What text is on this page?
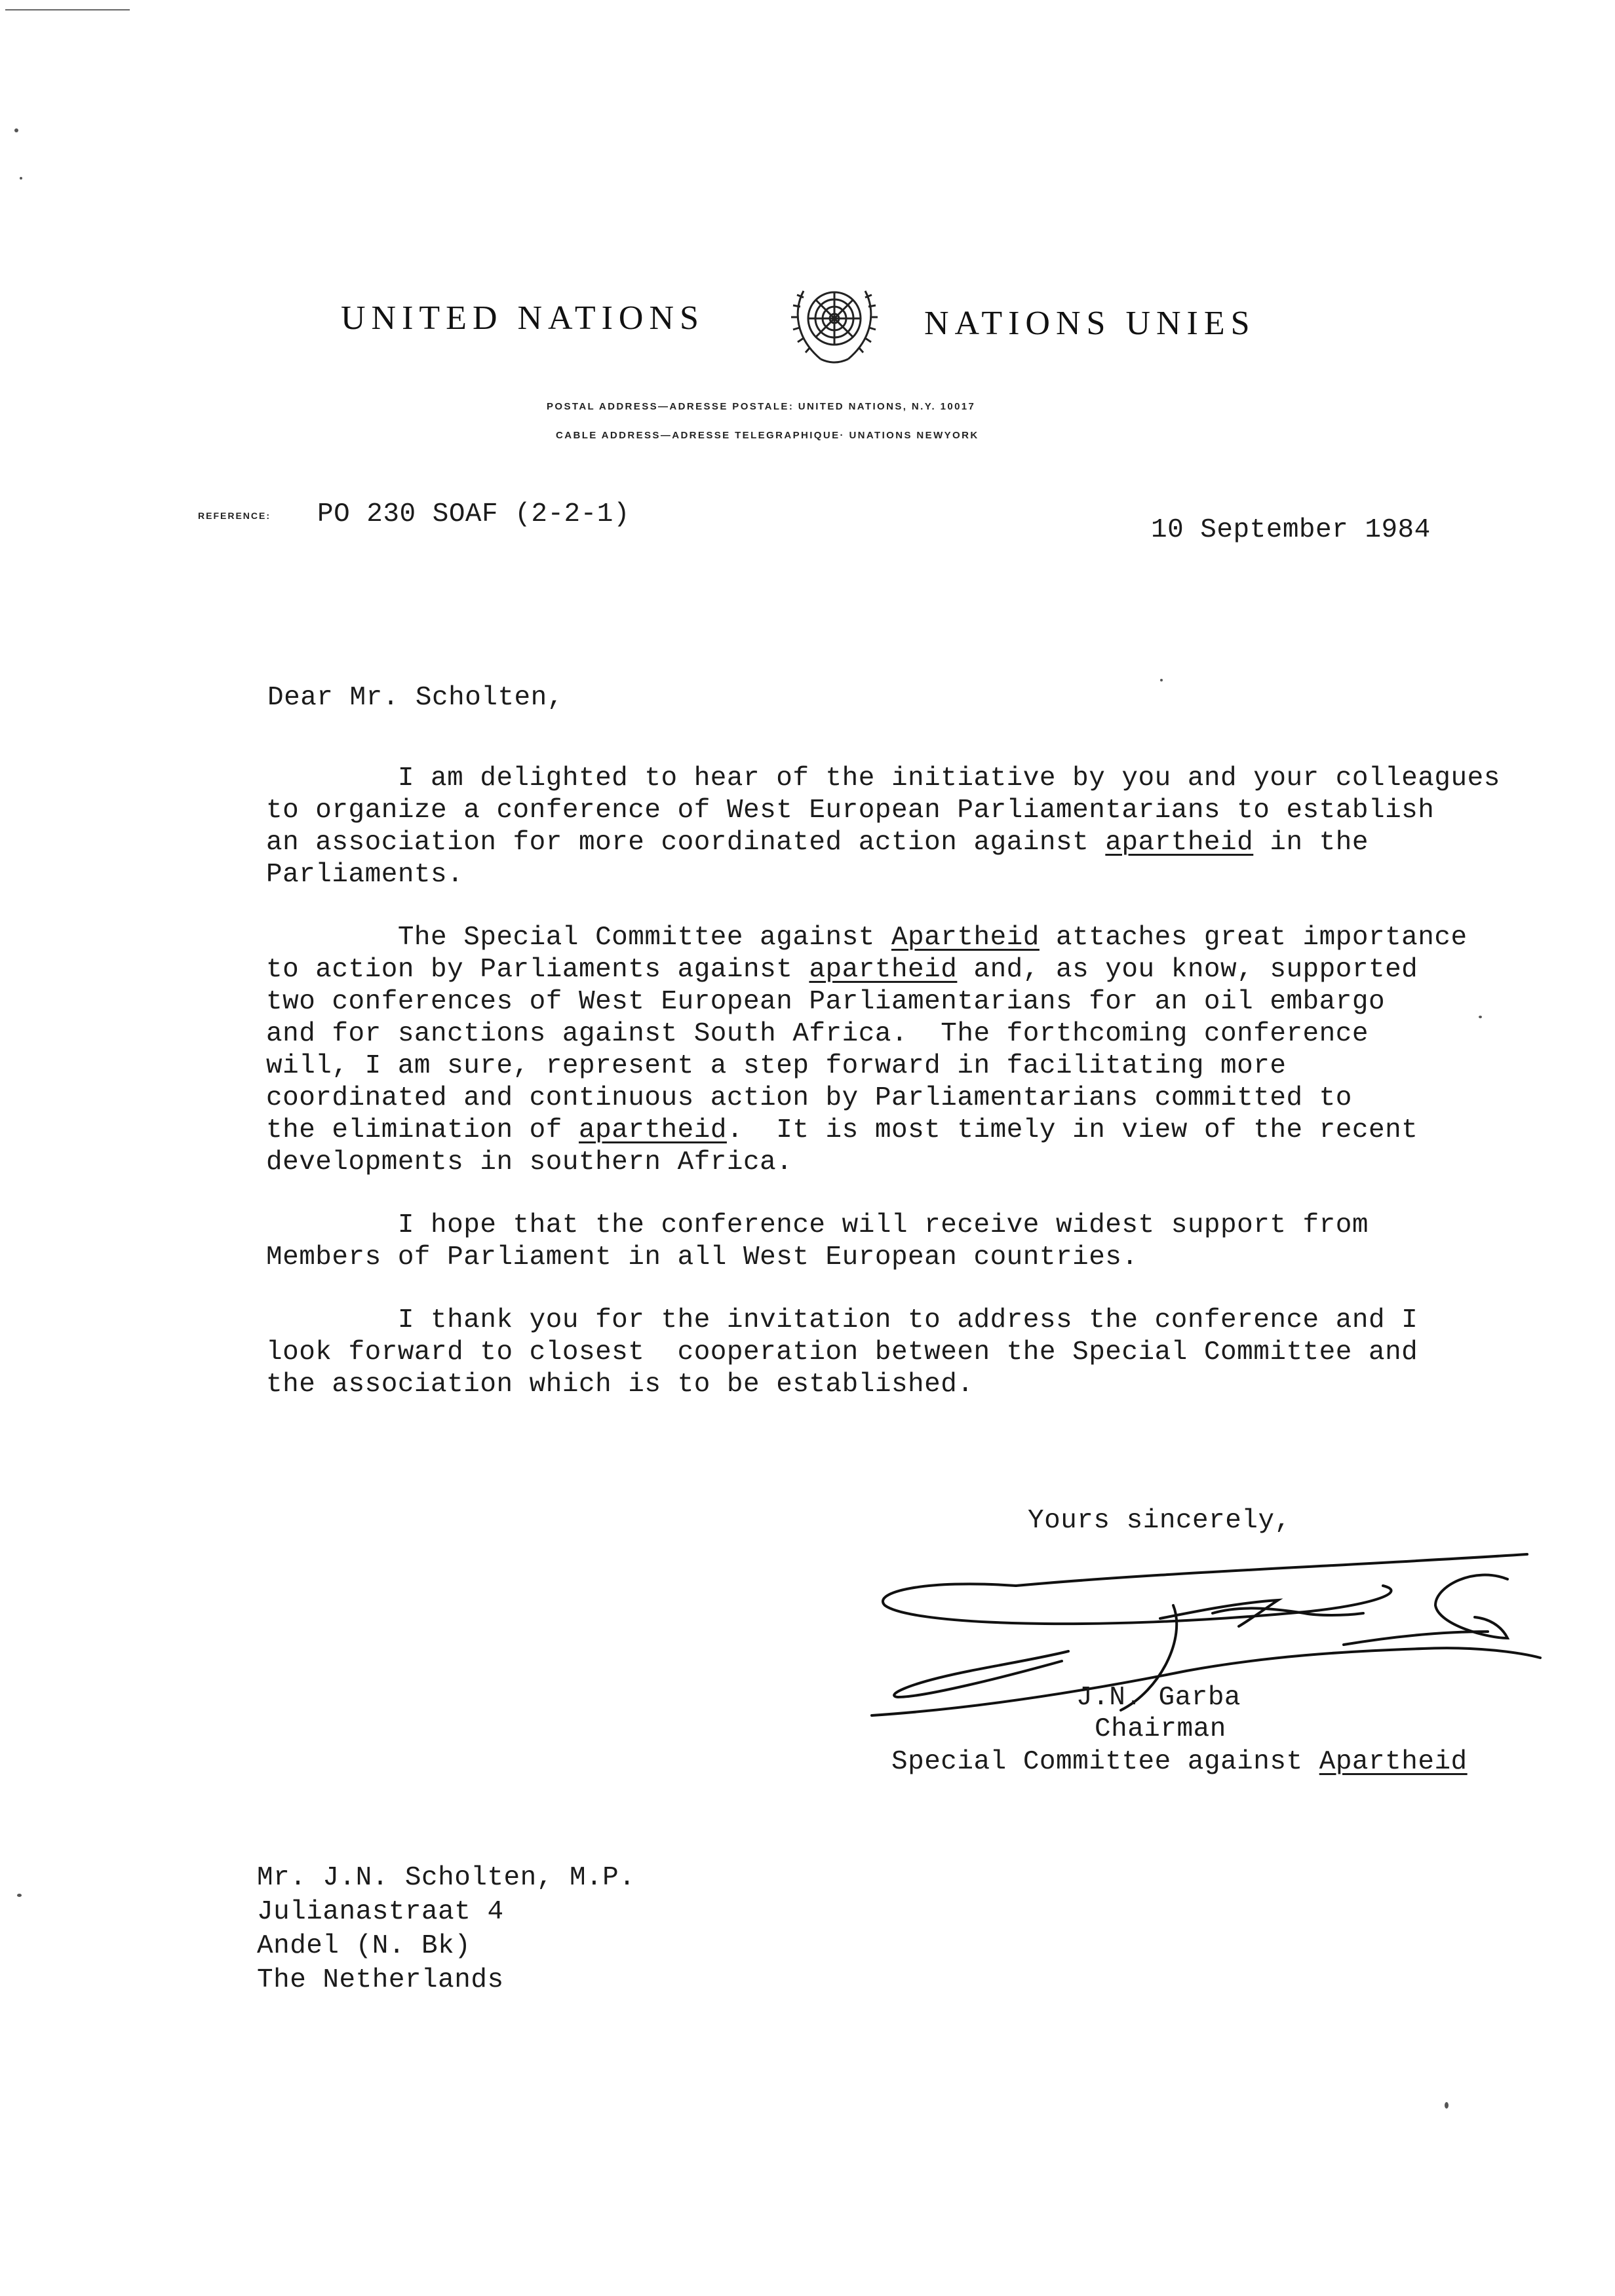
UNITED NATIONS	NATIONS UNIES
POSTAL ADDRESS—ADRESSE POSTALE: UNITED NATIONS, N.Y. 10017
CABLE ADDRESS—ADRESSE TELEGRAPHIQUE· UNATIONS NEWYORK
REFERENCE: PO 230 SOAF (2-2-1)
10 September 1984
Dear Mr. Scholten,

I am delighted to hear of the initiative by you and your colleagues
to organize a conference of West European Parliamentarians to establish
an association for more coordinated action against apartheid in the
Parliaments.

The Special Committee against Apartheid attaches great importance
to action by Parliaments against apartheid and, as you know, supported
two conferences of West European Parliamentarians for an oil embargo
and for sanctions against South Africa.  The forthcoming conference
will, I am sure, represent a step forward in facilitating more
coordinated and continuous action by Parliamentarians committed to
the elimination of apartheid.  It is most timely in view of the recent
developments in southern Africa.

I hope that the conference will receive widest support from
Members of Parliament in all West European countries.

I thank you for the invitation to address the conference and I
look forward to closest  cooperation between the Special Committee and
the association which is to be established.

Yours sincerely,
J.N. Garba
Chairman
Special Committee against Apartheid
Mr. J.N. Scholten, M.P.
Julianastraat 4
Andel (N. Bk)
The Netherlands
